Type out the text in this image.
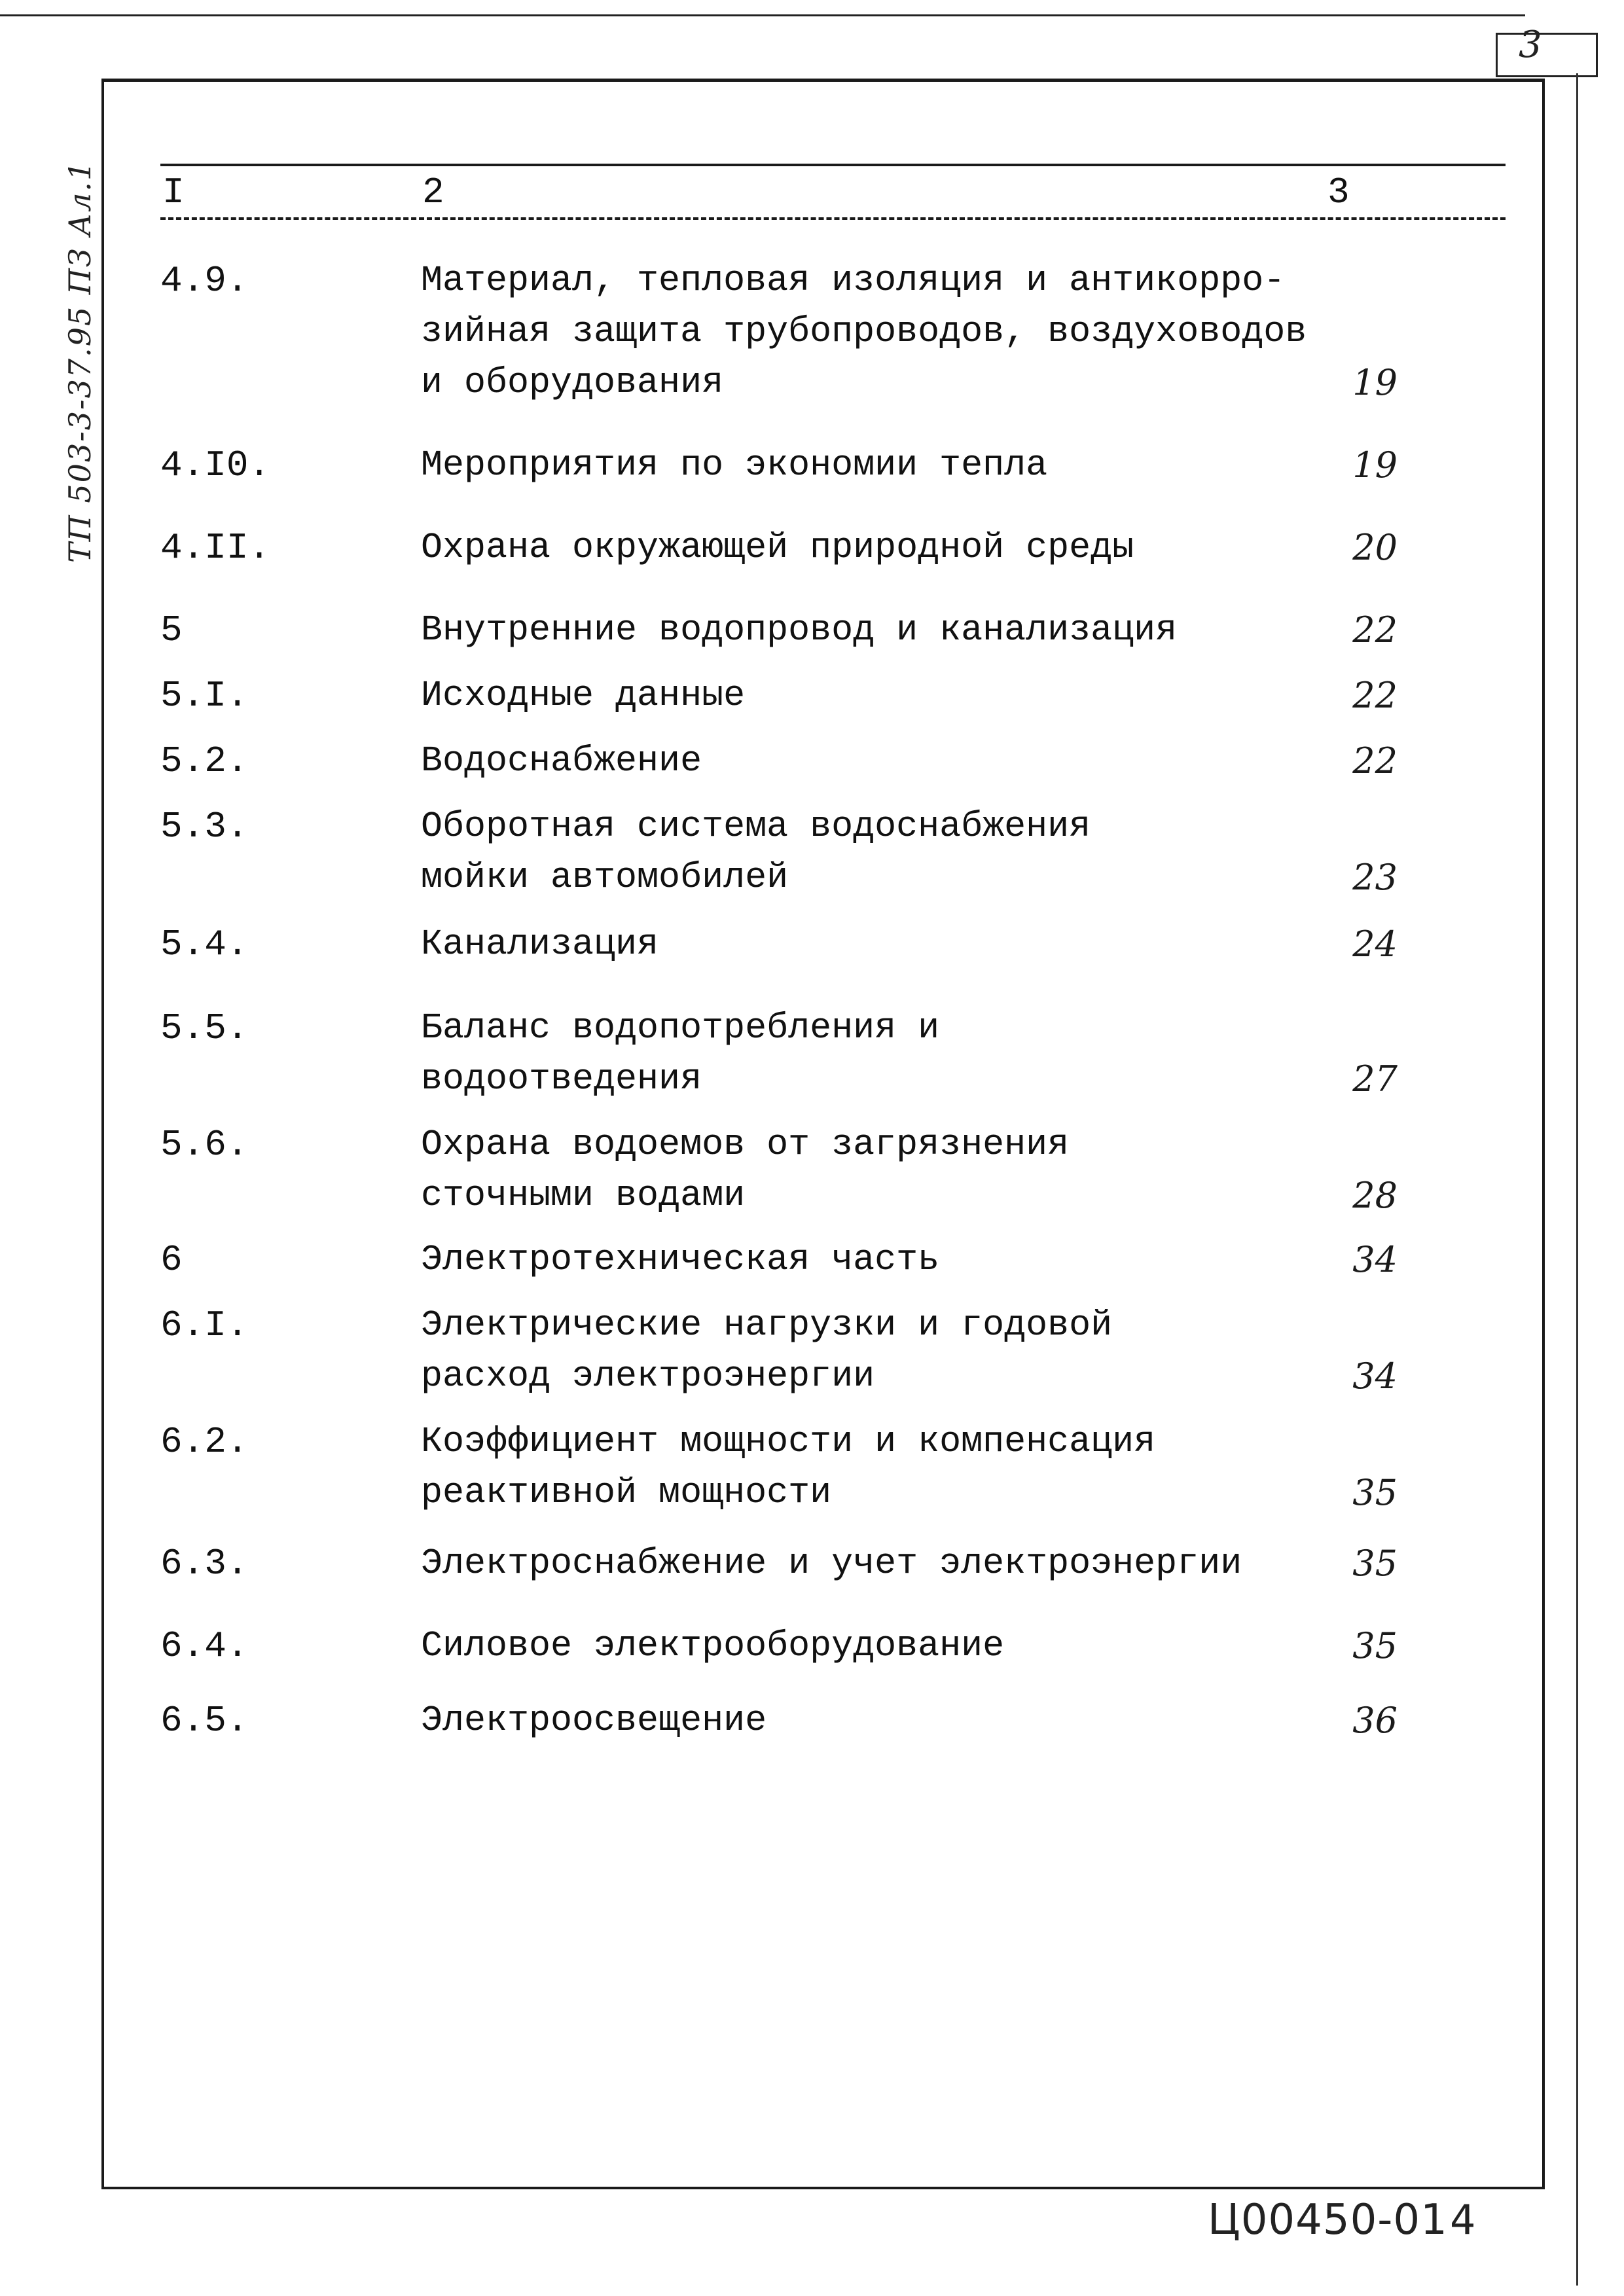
3
ТП 503-3-37.95 ПЗ Ал.1 I	2	3
4.9.	Материал, тепловая изоляция и антикорро-
зийная защита трубопроводов, воздуховодов
и оборудования	19
4.I0.	Мероприятия по экономии тепла	19
4.II.	Охрана окружающей природной среды	20
5	Внутренние водопровод и канализация	22
5.I.	Исходные данные	22
5.2.	Водоснабжение	22
5.3.	Оборотная система водоснабжения
мойки автомобилей	23
5.4.	Канализация	24
5.5.	Баланс водопотребления и
водоотведения	27
5.6.	Охрана водоемов от загрязнения
сточными водами	28
6	Электротехническая часть	34
6.I.	Электрические нагрузки и годовой
расход электроэнергии	34
6.2.	Коэффициент мощности и компенсация
реактивной мощности	35
6.3.	Электроснабжение и учет электроэнергии	35
6.4.	Силовое электрооборудование	35
6.5.	Электроосвещение	36
Ц00450-01 4
